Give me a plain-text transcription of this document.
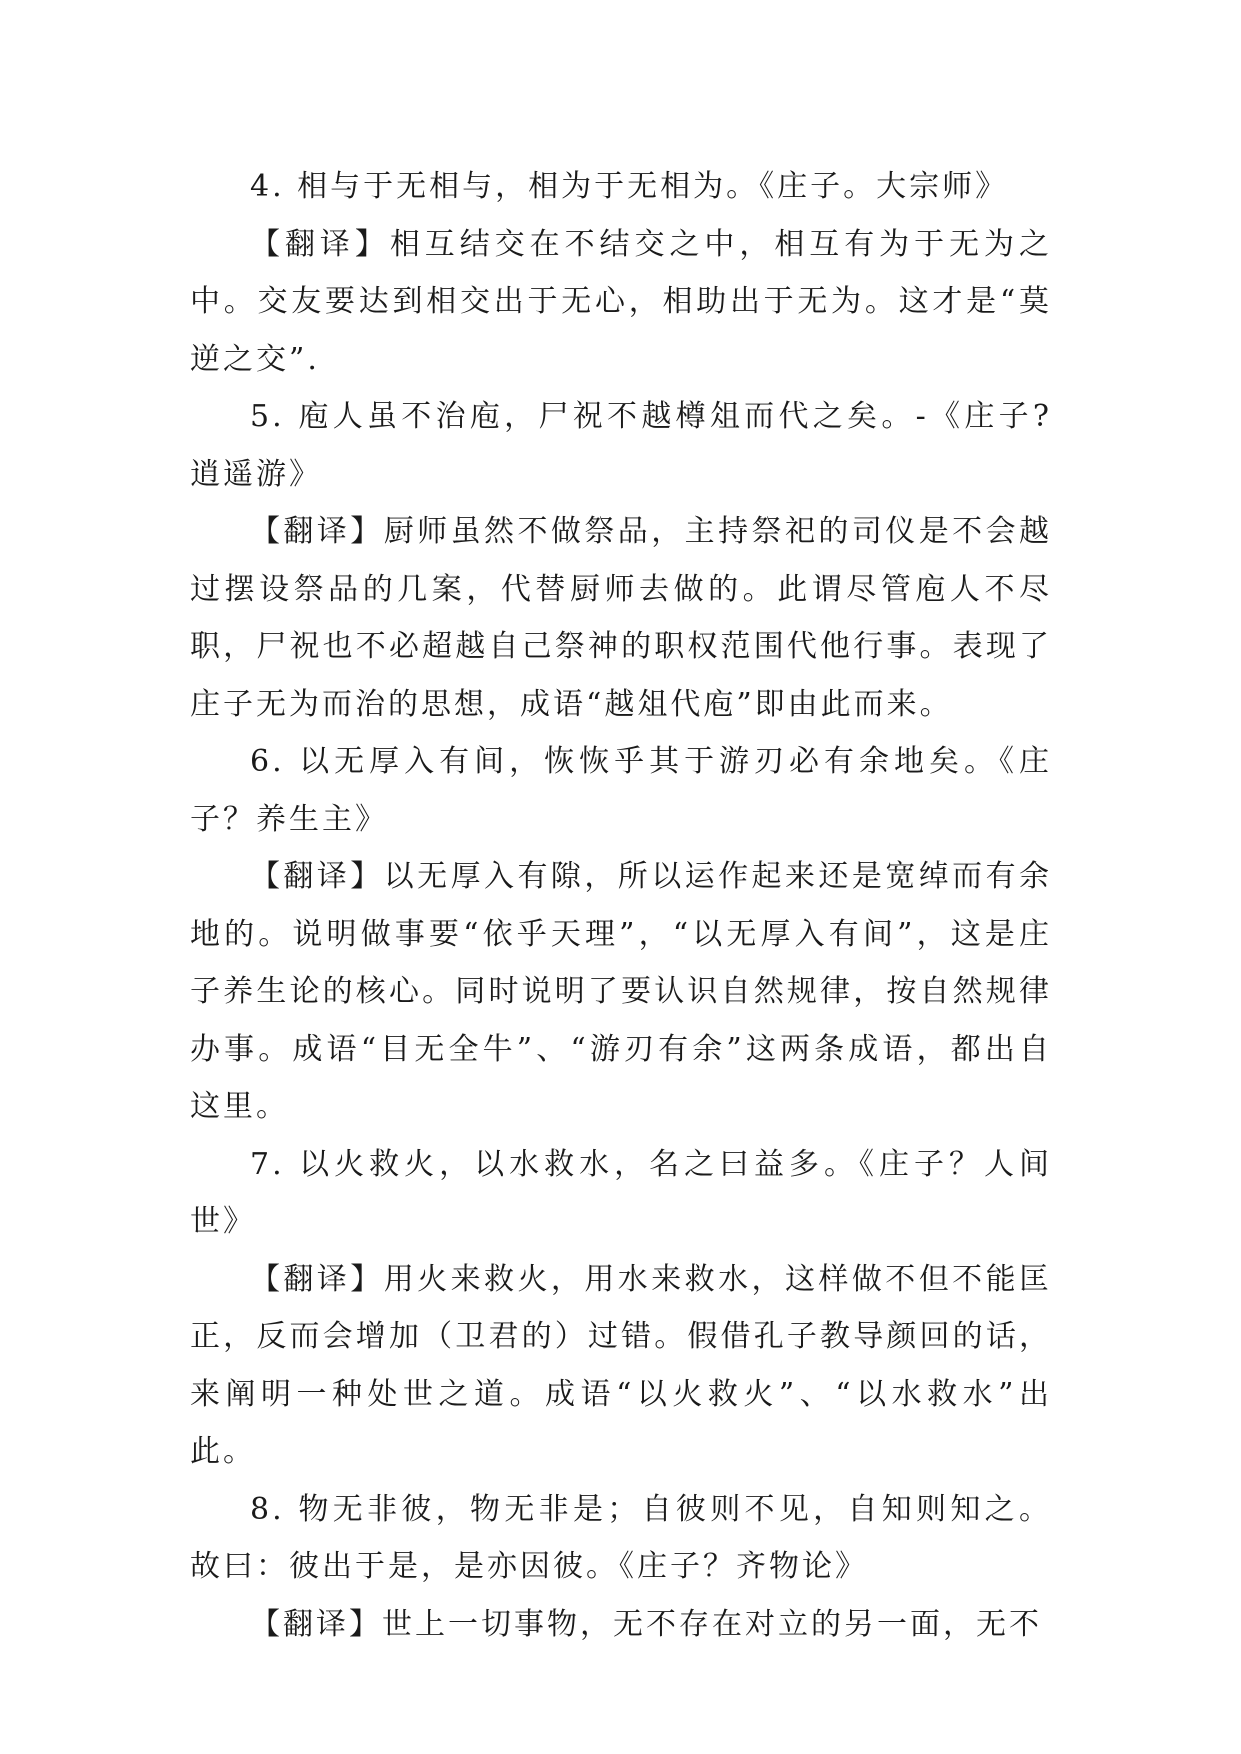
4. 相与于无相与，相为于无相为。《庄子。大宗师》

【翻译】相互结交在不结交之中，相互有为于无为之中。交友要达到相交出于无心，相助出于无为。这才是“莫逆之交”.

5. 庖人虽不治庖，尸祝不越樽俎而代之矣。-《庄子?逍遥游》

【翻译】厨师虽然不做祭品，主持祭祀的司仪是不会越过摆设祭品的几案，代替厨师去做的。此谓尽管庖人不尽职，尸祝也不必超越自己祭神的职权范围代他行事。表现了庄子无为而治的思想，成语“越俎代庖”即由此而来。

6. 以无厚入有间，恢恢乎其于游刃必有余地矣。《庄子？养生主》

【翻译】以无厚入有隙，所以运作起来还是宽绰而有余地的。说明做事要“依乎天理”，“以无厚入有间”，这是庄子养生论的核心。同时说明了要认识自然规律，按自然规律办事。成语“目无全牛”、“游刃有余”这两条成语，都出自这里。

7. 以火救火，以水救水，名之曰益多。《庄子？人间世》

【翻译】用火来救火，用水来救水，这样做不但不能匡正，反而会增加（卫君的）过错。假借孔子教导颜回的话，来阐明一种处世之道。成语“以火救火”、“以水救水”出此。

8. 物无非彼，物无非是；自彼则不见，自知则知之。故曰：彼出于是，是亦因彼。《庄子？齐物论》

【翻译】世上一切事物，无不存在对立的另一面，无不
